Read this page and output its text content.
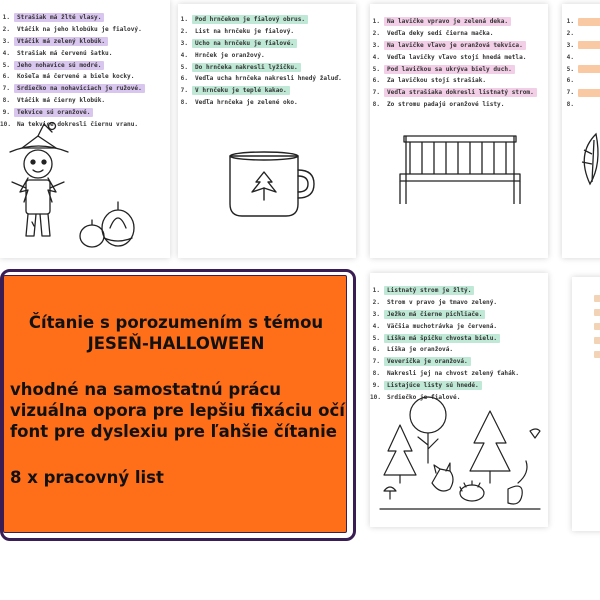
1.	Strašiak má žlté vlasy.
2.	Vtáčik na jeho klobúku je fialový.
3.	Vtáčik má zelený klobúk.
4.	Strašiak má červenú šatku.
5.	Jeho nohavice sú modré.
6.	Košeľa má červené a biele kocky.
7.	Srdiečko na nohaviciach je ružové.
8.	Vtáčik má čierny klobúk.
9.	Tekvice sú oranžové.
10. Na tekvice dokresli čiernu vranu.
1.	Pod hrnčekom je fialový obrus.
2.	List na hrnčeku je fialový.
3.	Ucho na hrnčeku je fialové.
4.	Hrnček je oranžový.
5.	Do hrnčeka nakresli lyžičku.
6.	Vedľa ucha hrnčeka nakresli hnedý žaluď.
7.	V hrnčeku je teplé kakao.
8.	Vedľa hrnčeka je zelené oko.
1.	Na lavičke vpravo je zelená deka.
2.	Vedľa deky sedí čierna mačka.
3.	Na lavičke vľavo je oranžová tekvica.
4.	Vedľa lavičky vľavo stojí hnedá metla.
5.	Pod lavičkou sa ukrýva biely duch.
6.	Za lavičkou stojí strašiak.
7.	Vedľa strašiaka dokresli listnatý strom.
8.	Zo stromu padajú oranžové listy.
1.
2.
3.
4.
5.
6.
7.
8.
1.	Listnatý strom je žltý.
2.	Strom v pravo je tmavo zelený.
3.	Ježko má čierne pichliače.
4.	Väčšia muchotrávka je červená.
5.	Líška má špičku chvosta bielu.
6.	Líška je oranžová.
7.	Veverička je oranžová.
8.	Nakresli jej na chvost zelený ťahák.
9.	Listajúce listy sú hnedé.
10. Srdiečko je fialové.
Čítanie s porozumením s témou
JESEŇ-HALLOWEEN
vhodné na samostatnú prácu
vizuálna opora pre lepšiu fixáciu očí
font pre dyslexiu pre ľahšie čítanie
8 x pracovný list
